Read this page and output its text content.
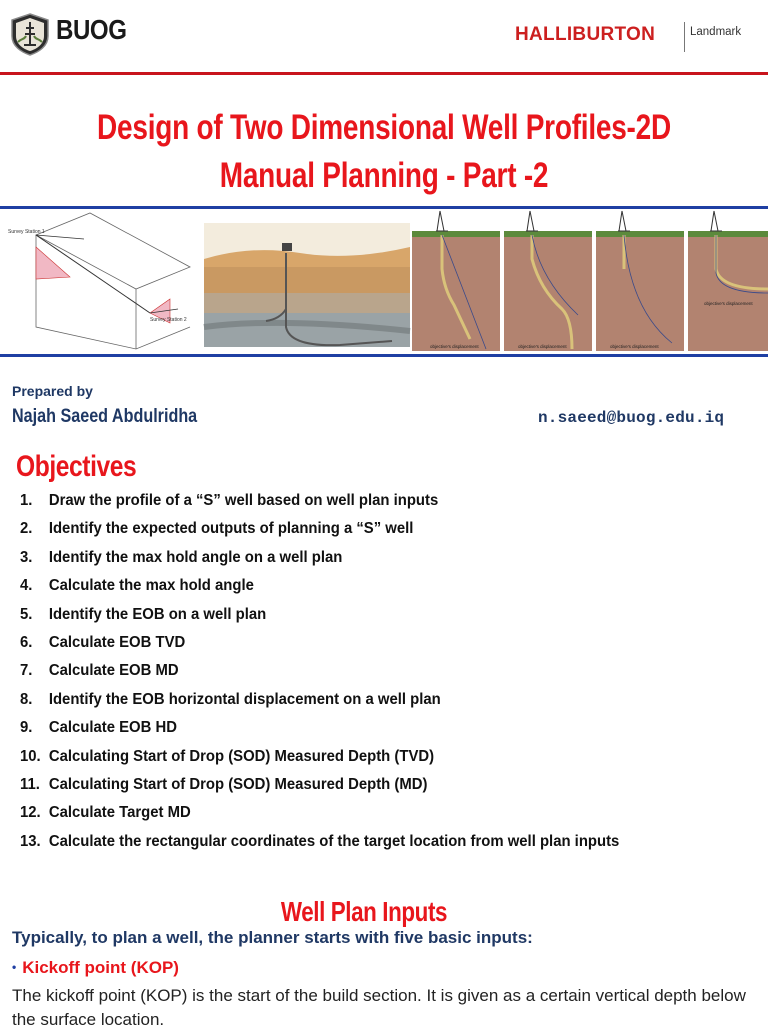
BUOG	HALLIBURTON	Landmark
Design of Two Dimensional Well Profiles-2D
Manual Planning - Part -2
Survey Station 1
Survey Station 2
objective's displacement	objective's displacement	objective's displacement
objective's displacement
Prepared by
Najah Saeed Abdulridha	n.saeed@buog.edu.iq
Objectives
1. Draw the profile of a “S” well based on well plan inputs
2. Identify the expected outputs of planning a “S” well
3. Identify the max hold angle on a well plan
4. Calculate the max hold angle
5. Identify the EOB on a well plan
6. Calculate EOB TVD
7. Calculate EOB MD
8. Identify the EOB horizontal displacement on a well plan
9. Calculate EOB HD
10. Calculating Start of Drop (SOD) Measured Depth (TVD)
11. Calculating Start of Drop (SOD) Measured Depth (MD)
12. Calculate Target MD
13. Calculate the rectangular coordinates of the target location from well plan inputs
Well Plan Inputs
Typically, to plan a well, the planner starts with five basic inputs:
• Kickoff point (KOP)
The kickoff point (KOP) is the start of the build section. It is given as a certain vertical depth below the surface location.
